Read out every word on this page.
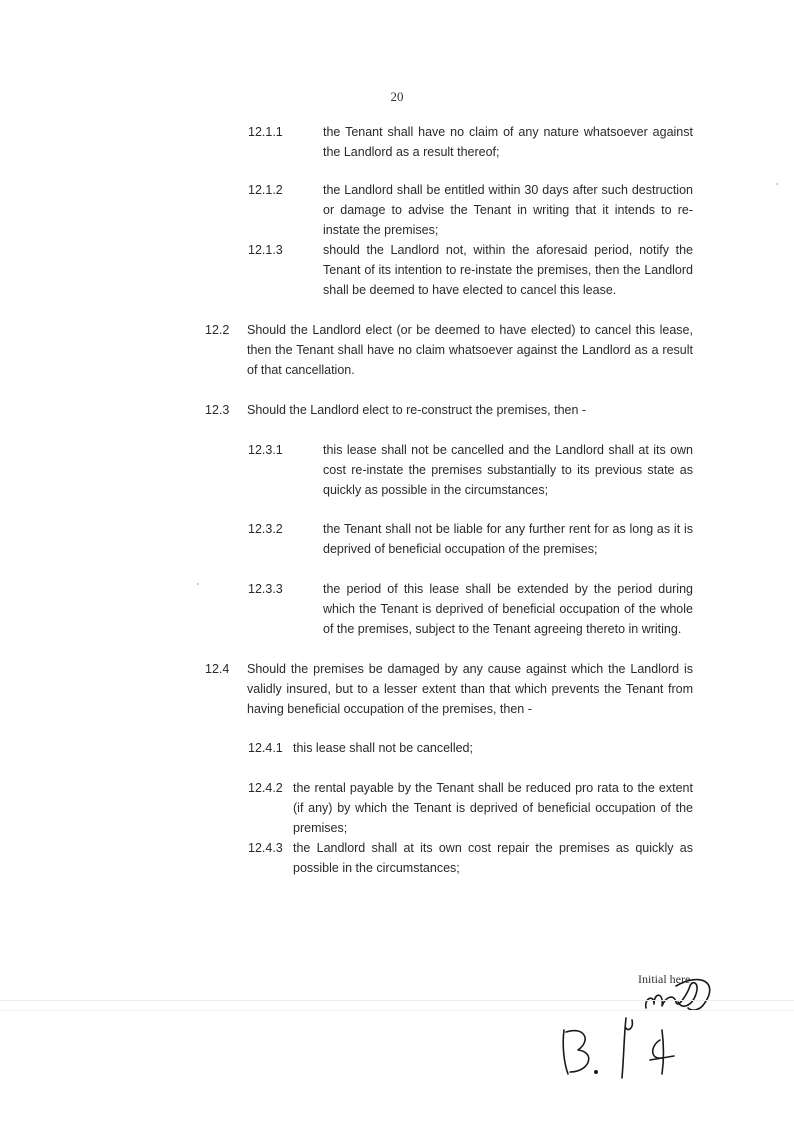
20
12.1.1	the Tenant shall have no claim of any nature whatsoever against the Landlord as a result thereof;
12.1.2	the Landlord shall be entitled within 30 days after such destruction or damage to advise the Tenant in writing that it intends to re-instate the premises;
12.1.3	should the Landlord not, within the aforesaid period, notify the Tenant of its intention to re-instate the premises, then the Landlord shall be deemed to have elected to cancel this lease.
12.2 Should the Landlord elect (or be deemed to have elected) to cancel this lease, then the Tenant shall have no claim whatsoever against the Landlord as a result of that cancellation.
12.3 Should the Landlord elect to re-construct the premises, then -
12.3.1	this lease shall not be cancelled and the Landlord shall at its own cost re-instate the premises substantially to its previous state as quickly as possible in the circumstances;
12.3.2	the Tenant shall not be liable for any further rent for as long as it is deprived of beneficial occupation of the premises;
12.3.3	the period of this lease shall be extended by the period during which the Tenant is deprived of beneficial occupation of the whole of the premises, subject to the Tenant agreeing thereto in writing.
12.4 Should the premises be damaged by any cause against which the Landlord is validly insured, but to a lesser extent than that which prevents the Tenant from having beneficial occupation of the premises, then -
12.4.1 this lease shall not be cancelled;
12.4.2 the rental payable by the Tenant shall be reduced pro rata to the extent (if any) by which the Tenant is deprived of beneficial occupation of the premises;
12.4.3 the Landlord shall at its own cost repair the premises as quickly as possible in the circumstances;
Initial here
